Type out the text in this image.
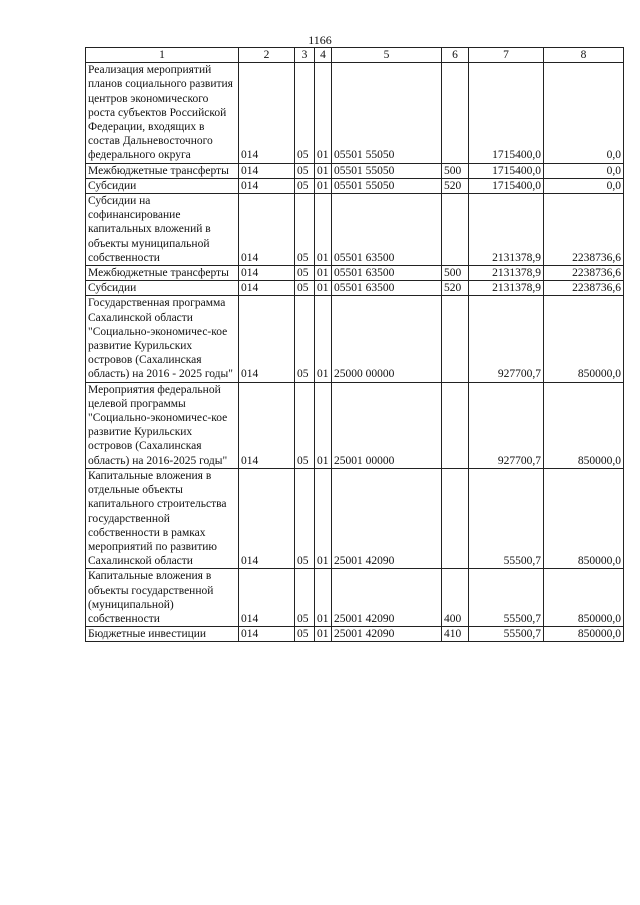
1166
1	2	3	4	5	6	7	8
Реализация мероприятий планов социального развития центров экономического роста субъектов Российской Федерации, входящих в состав Дальневосточного федерального округа	014	05	01	05501 55050		1715400,0	0,0
Межбюджетные трансферты	014	05	01	05501 55050	500	1715400,0	0,0
Субсидии	014	05	01	05501 55050	520	1715400,0	0,0
Субсидии на софинансирование капитальных вложений в объекты муниципальной собственности	014	05	01	05501 63500		2131378,9	2238736,6
Межбюджетные трансферты	014	05	01	05501 63500	500	2131378,9	2238736,6
Субсидии	014	05	01	05501 63500	520	2131378,9	2238736,6
Государственная программа Сахалинской области "Социально-экономичес-кое развитие Курильских островов (Сахалинская область) на 2016 - 2025 годы"	014	05	01	25000 00000		927700,7	850000,0
Мероприятия федеральной целевой программы "Социально-экономичес-кое развитие Курильских островов (Сахалинская область) на 2016-2025 годы"	014	05	01	25001 00000		927700,7	850000,0
Капитальные вложения в отдельные объекты капитального строительства государственной собственности в рамках мероприятий по развитию Сахалинской области	014	05	01	25001 42090		55500,7	850000,0
Капитальные вложения в объекты государственной (муниципальной) собственности	014	05	01	25001 42090	400	55500,7	850000,0
Бюджетные инвестиции	014	05	01	25001 42090	410	55500,7	850000,0
